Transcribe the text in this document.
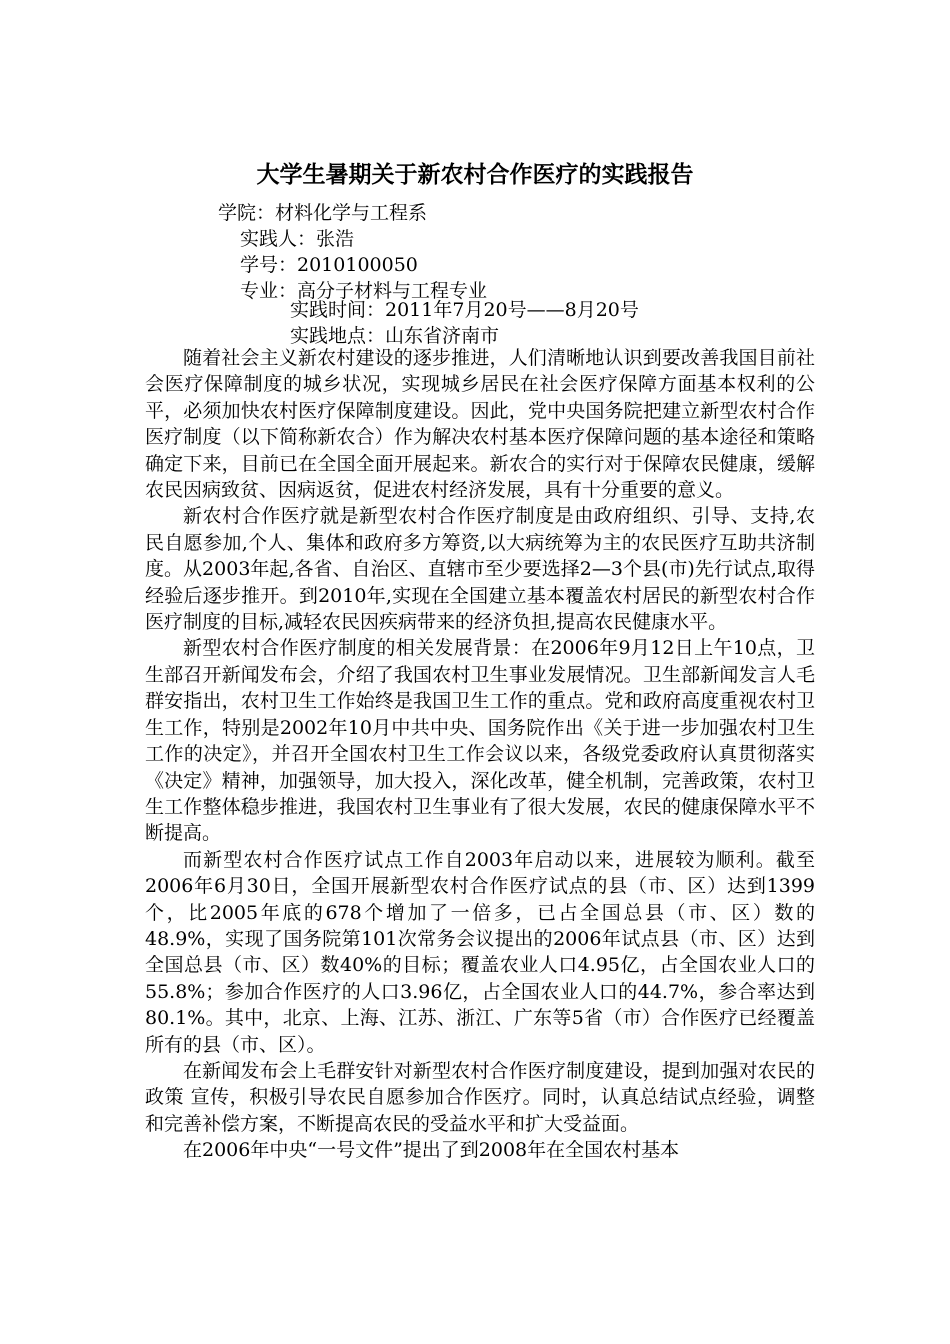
大学生暑期关于新农村合作医疗的实践报告
学院：材料化学与工程系
实践人：张浩
学号：2010100050
专业：高分子材料与工程专业
实践时间：2011年7月20号——8月20号
实践地点：山东省济南市

随着社会主义新农村建设的逐步推进，人们清晰地认识到要改善我国目前社会医疗保障制度的城乡状况，实现城乡居民在社会医疗保障方面基本权利的公平，必须加快农村医疗保障制度建设。因此，党中央国务院把建立新型农村合作医疗制度（以下简称新农合）作为解决农村基本医疗保障问题的基本途径和策略确定下来，目前已在全国全面开展起来。新农合的实行对于保障农民健康，缓解农民因病致贫、因病返贫，促进农村经济发展，具有十分重要的意义。

新农村合作医疗就是新型农村合作医疗制度是由政府组织、引导、支持,农民自愿参加,个人、集体和政府多方筹资,以大病统筹为主的农民医疗互助共济制度。从2003年起,各省、自治区、直辖市至少要选择2—3个县(市)先行试点,取得经验后逐步推开。到2010年,实现在全国建立基本覆盖农村居民的新型农村合作医疗制度的目标,减轻农民因疾病带来的经济负担,提高农民健康水平。

新型农村合作医疗制度的相关发展背景：在2006年9月12日上午10点，卫生部召开新闻发布会，介绍了我国农村卫生事业发展情况。卫生部新闻发言人毛群安指出，农村卫生工作始终是我国卫生工作的重点。党和政府高度重视农村卫生工作，特别是2002年10月中共中央、国务院作出《关于进一步加强农村卫生工作的决定》，并召开全国农村卫生工作会议以来，各级党委政府认真贯彻落实《决定》精神，加强领导，加大投入，深化改革，健全机制，完善政策，农村卫生工作整体稳步推进，我国农村卫生事业有了很大发展，农民的健康保障水平不断提高。

而新型农村合作医疗试点工作自2003年启动以来，进展较为顺利。截至2006年6月30日，全国开展新型农村合作医疗试点的县（市、区）达到1399个，比2005年底的678个增加了一倍多，已占全国总县（市、区）数的48.9%，实现了国务院第101次常务会议提出的2006年试点县（市、区）达到全国总县（市、区）数40%的目标；覆盖农业人口4.95亿，占全国农业人口的55.8%；参加合作医疗的人口3.96亿，占全国农业人口的44.7%，参合率达到80.1%。其中，北京、上海、江苏、浙江、广东等5省（市）合作医疗已经覆盖所有的县（市、区）。

在新闻发布会上毛群安针对新型农村合作医疗制度建设，提到加强对农民的政策 宣传，积极引导农民自愿参加合作医疗。同时，认真总结试点经验，调整和完善补偿方案，不断提高农民的受益水平和扩大受益面。

在2006年中央“一号文件”提出了到2008年在全国农村基本
